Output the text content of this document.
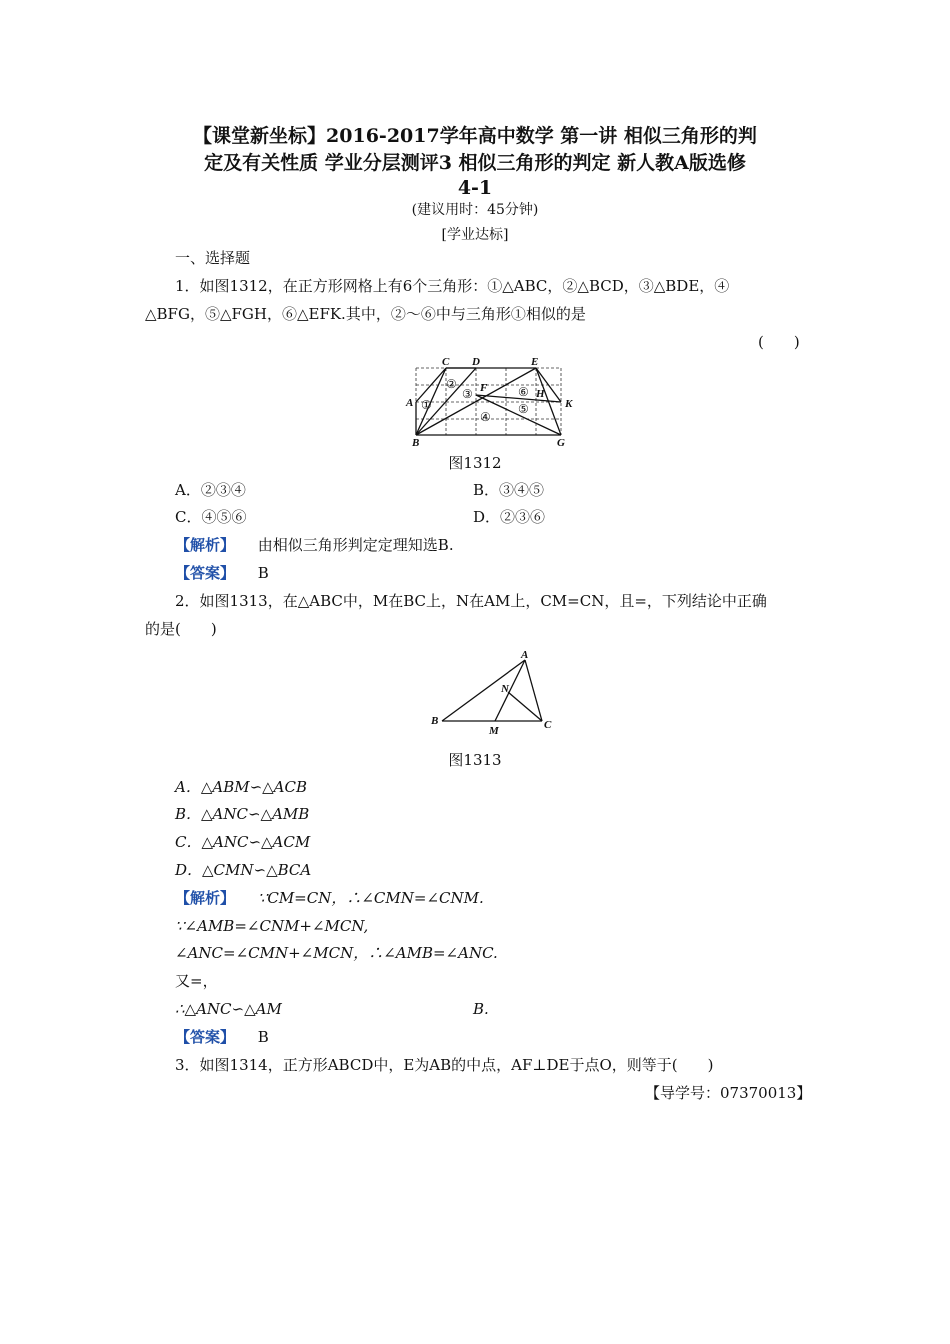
【课堂新坐标】2016-2017学年高中数学 第一讲 相似三角形的判
定及有关性质 学业分层测评3 相似三角形的判定 新人教A版选修
4-1
(建议用时：45分钟)
[学业达标]
一、选择题
1．如图1312，在正方形网格上有6个三角形：①△ABC，②△BCD，③△BDE，④
△BFG，⑤△FGH，⑥△EFK.其中，②～⑥中与三角形①相似的是
(　　)
A
B
C D	E
F
G
H
K
①
②
③
④
⑤
⑥
图1312
A．②③④	B．③④⑤
C．④⑤⑥	D．②③⑥
【解析】 由相似三角形判定定理知选B.
【答案】 B
2．如图1313，在△ABC中，M在BC上，N在AM上，CM=CN，且=，下列结论中正确
的是(　　)
A
N
B
M	C
图1313
A．△ABM∽△ACB
B．△ANC∽△AMB
C．△ANC∽△ACM
D．△CMN∽△BCA
【解析】 ∵CM=CN，∴∠CMN=∠CNM.
∵∠AMB=∠CNM+∠MCN,
∠ANC=∠CMN+∠MCN，∴∠AMB=∠ANC.
又=，
∴△ANC∽△AM	B.
【答案】 B
3．如图1314，正方形ABCD中，E为AB的中点，AF⊥DE于点O，则等于(　　)
【导学号：07370013】
